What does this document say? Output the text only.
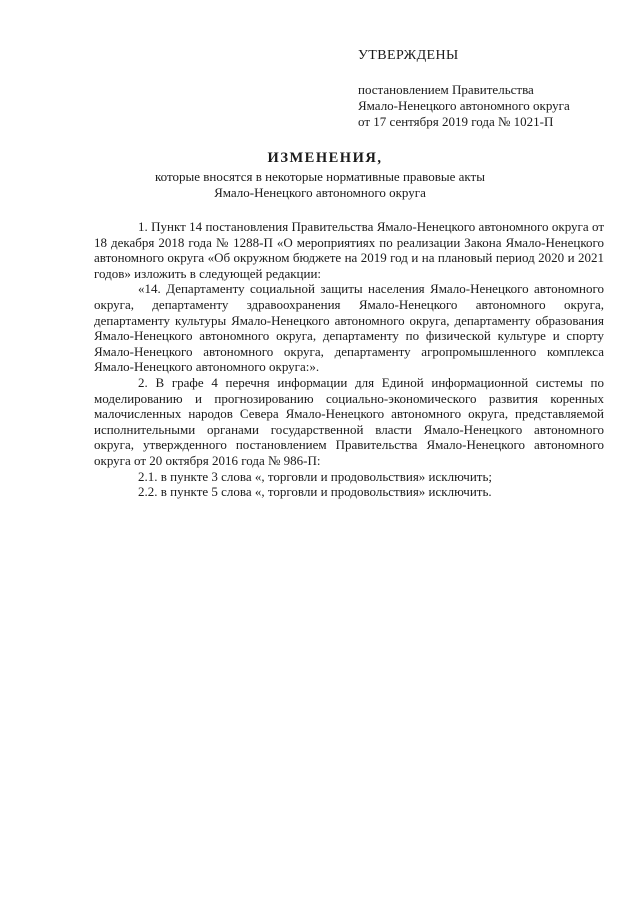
УТВЕРЖДЕНЫ
постановлением Правительства
Ямало-Ненецкого автономного округа
от 17 сентября 2019 года № 1021-П
ИЗМЕНЕНИЯ,
которые вносятся в некоторые нормативные правовые акты
Ямало-Ненецкого автономного округа

1. Пункт 14 постановления Правительства Ямало-Ненецкого автономного округа от 18 декабря 2018 года № 1288-П «О мероприятиях по реализации Закона Ямало-Ненецкого автономного округа «Об окружном бюджете на 2019 год и на плановый период 2020 и 2021 годов» изложить в следующей редакции:

«14. Департаменту социальной защиты населения Ямало-Ненецкого автономного округа, департаменту здравоохранения Ямало-Ненецкого автономного округа, департаменту культуры Ямало-Ненецкого автономного округа, департаменту образования Ямало-Ненецкого автономного округа, департаменту по физической культуре и спорту Ямало-Ненецкого автономного округа, департаменту агропромышленного комплекса Ямало-Ненецкого автономного округа:».

2. В графе 4 перечня информации для Единой информационной системы по моделированию и прогнозированию социально-экономического развития коренных малочисленных народов Севера Ямало-Ненецкого автономного округа, представляемой исполнительными органами государственной власти Ямало-Ненецкого автономного округа, утвержденного постановлением Правительства Ямало-Ненецкого автономного округа от 20 октября 2016 года № 986-П:

2.1. в пункте 3 слова «, торговли и продовольствия» исключить;

2.2. в пункте 5 слова «, торговли и продовольствия» исключить.
